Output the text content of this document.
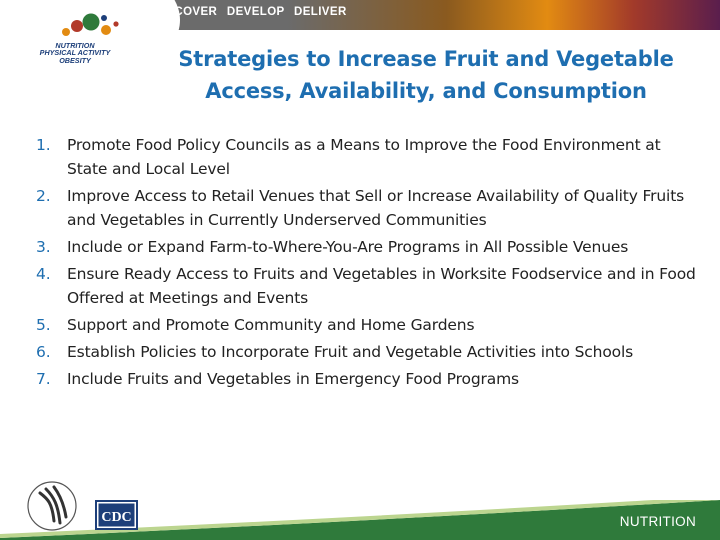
DISCOVER DEVELOP DELIVER
NUTRITION
PHYSICAL ACTIVITY
OBESITY	Strategies to Increase Fruit and Vegetable
Access, Availability, and Consumption
1. Promote Food Policy Councils as a Means to Improve the Food Environment at State and Local Level
2. Improve Access to Retail Venues that Sell or Increase Availability of Quality Fruits and Vegetables in Currently Underserved Communities
3. Include or Expand Farm-to-Where-You-Are Programs in All Possible Venues
4. Ensure Ready Access to Fruits and Vegetables in Worksite Foodservice and in Food Offered at Meetings and Events
5. Support and Promote Community and Home Gardens
6. Establish Policies to Incorporate Fruit and Vegetable Activities into Schools
7. Include Fruits and Vegetables in Emergency Food Programs
CDC	NUTRITION
